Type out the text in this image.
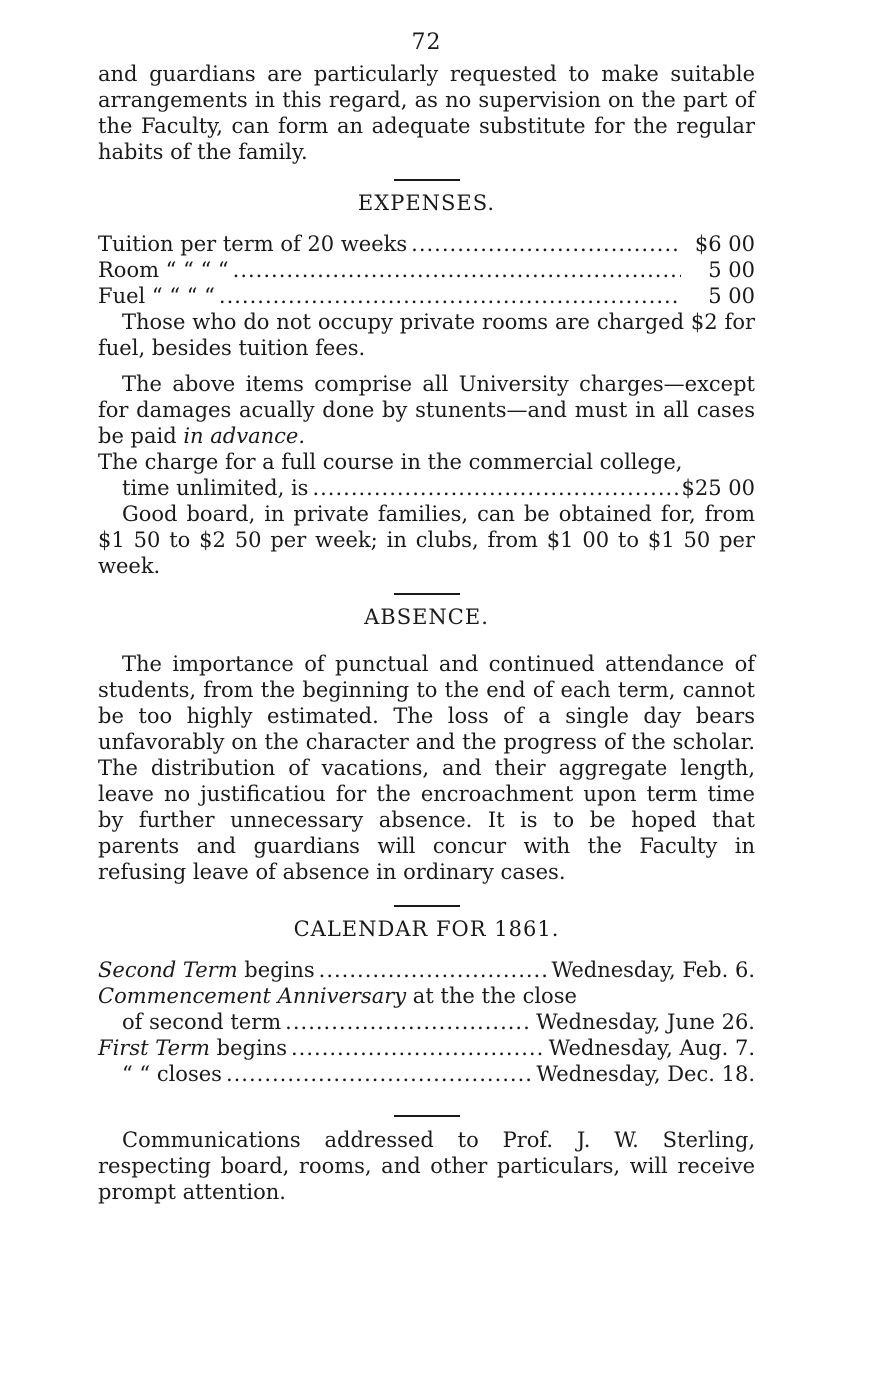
72

and guardians are particularly requested to make suitable arrangements in this regard, as no supervision on the part of the Faculty, can form an adequate substitute for the regular habits of the family.

EXPENSES.
Tuition per term of 20 weeks .....	$6 00
Room “ “ “ “ .....	5 00
Fuel “ “ “ “ .....	5 00

Those who do not occupy private rooms are charged $2 for fuel, besides tuition fees.

The above items comprise all University charges—except for damages acually done by stunents—and must in all cases be paid in advance.

The charge for a full course in the commercial college,
time unlimited, is .....	$25 00

Good board, in private families, can be obtained for, from $1 50 to $2 50 per week; in clubs, from $1 00 to $1 50 per week.

ABSENCE.

The importance of punctual and continued attendance of students, from the beginning to the end of each term, cannot be too highly estimated. The loss of a single day bears unfavorably on the character and the progress of the scholar. The distribution of vacations, and their aggregate length, leave no justificatiou for the encroachment upon term time by further unnecessary absence. It is to be hoped that parents and guardians will concur with the Faculty in refusing leave of absence in ordinary cases.

CALENDAR FOR 1861.
Second Term begins .....	Wednesday, Feb. 6.
Commencement Anniversary at the the close
of second term .....	Wednesday, June 26.
First Term begins .....	Wednesday, Aug. 7.
“ “ closes .....	Wednesday, Dec. 18.

Communications addressed to Prof. J. W. Sterling, respecting board, rooms, and other particulars, will receive prompt attention.
